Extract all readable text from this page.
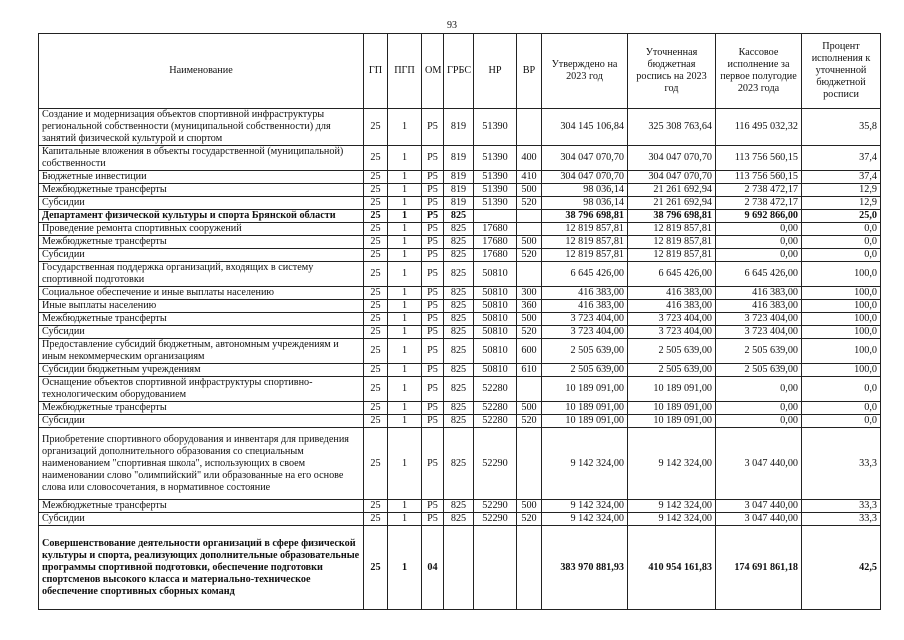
93
Наименование	ГП	ПГП	ОМ	ГРБС	НР	ВР	Утверждено на 2023 год	Уточненная бюджетная роспись на 2023 год	Кассовое исполнение за первое полугодие 2023 года	Процент исполнения к уточненной бюджетной росписи
Создание и модернизация объектов спортивной инфраструктуры региональной собственности (муниципальной собственности) для занятий физической культурой и спортом	25	1	Р5	819	51390		304 145 106,84	325 308 763,64	116 495 032,32	35,8
Капитальные вложения в объекты государственной (муниципальной) собственности	25	1	Р5	819	51390	400	304 047 070,70	304 047 070,70	113 756 560,15	37,4
Бюджетные инвестиции	25	1	Р5	819	51390	410	304 047 070,70	304 047 070,70	113 756 560,15	37,4
Межбюджетные трансферты	25	1	Р5	819	51390	500	98 036,14	21 261 692,94	2 738 472,17	12,9
Субсидии	25	1	Р5	819	51390	520	98 036,14	21 261 692,94	2 738 472,17	12,9
Департамент физической культуры и спорта Брянской области	25	1	Р5	825			38 796 698,81	38 796 698,81	9 692 866,00	25,0
Проведение ремонта спортивных сооружений	25	1	Р5	825	17680		12 819 857,81	12 819 857,81	0,00	0,0
Межбюджетные трансферты	25	1	Р5	825	17680	500	12 819 857,81	12 819 857,81	0,00	0,0
Субсидии	25	1	Р5	825	17680	520	12 819 857,81	12 819 857,81	0,00	0,0
Государственная поддержка организаций, входящих в систему спортивной подготовки	25	1	Р5	825	50810		6 645 426,00	6 645 426,00	6 645 426,00	100,0
Социальное обеспечение и иные выплаты населению	25	1	Р5	825	50810	300	416 383,00	416 383,00	416 383,00	100,0
Иные выплаты населению	25	1	Р5	825	50810	360	416 383,00	416 383,00	416 383,00	100,0
Межбюджетные трансферты	25	1	Р5	825	50810	500	3 723 404,00	3 723 404,00	3 723 404,00	100,0
Субсидии	25	1	Р5	825	50810	520	3 723 404,00	3 723 404,00	3 723 404,00	100,0
Предоставление субсидий бюджетным, автономным учреждениям и иным некоммерческим организациям	25	1	Р5	825	50810	600	2 505 639,00	2 505 639,00	2 505 639,00	100,0
Субсидии бюджетным учреждениям	25	1	Р5	825	50810	610	2 505 639,00	2 505 639,00	2 505 639,00	100,0
Оснащение объектов спортивной инфраструктуры спортивно-технологическим оборудованием	25	1	Р5	825	52280		10 189 091,00	10 189 091,00	0,00	0,0
Межбюджетные трансферты	25	1	Р5	825	52280	500	10 189 091,00	10 189 091,00	0,00	0,0
Субсидии	25	1	Р5	825	52280	520	10 189 091,00	10 189 091,00	0,00	0,0
Приобретение спортивного оборудования и инвентаря для приведения организаций дополнительного образования со специальным наименованием "спортивная школа", использующих в своем наименовании слово "олимпийский" или образованные на его основе слова или словосочетания, в нормативное состояние	25	1	Р5	825	52290		9 142 324,00	9 142 324,00	3 047 440,00	33,3
Межбюджетные трансферты	25	1	Р5	825	52290	500	9 142 324,00	9 142 324,00	3 047 440,00	33,3
Субсидии	25	1	Р5	825	52290	520	9 142 324,00	9 142 324,00	3 047 440,00	33,3
Совершенствование деятельности организаций в сфере физической культуры и спорта, реализующих дополнительные образовательные программы спортивной подготовки, обеспечение подготовки спортсменов высокого класса и материально-техническое обеспечение спортивных сборных команд	25	1	04				383 970 881,93	410 954 161,83	174 691 861,18	42,5
